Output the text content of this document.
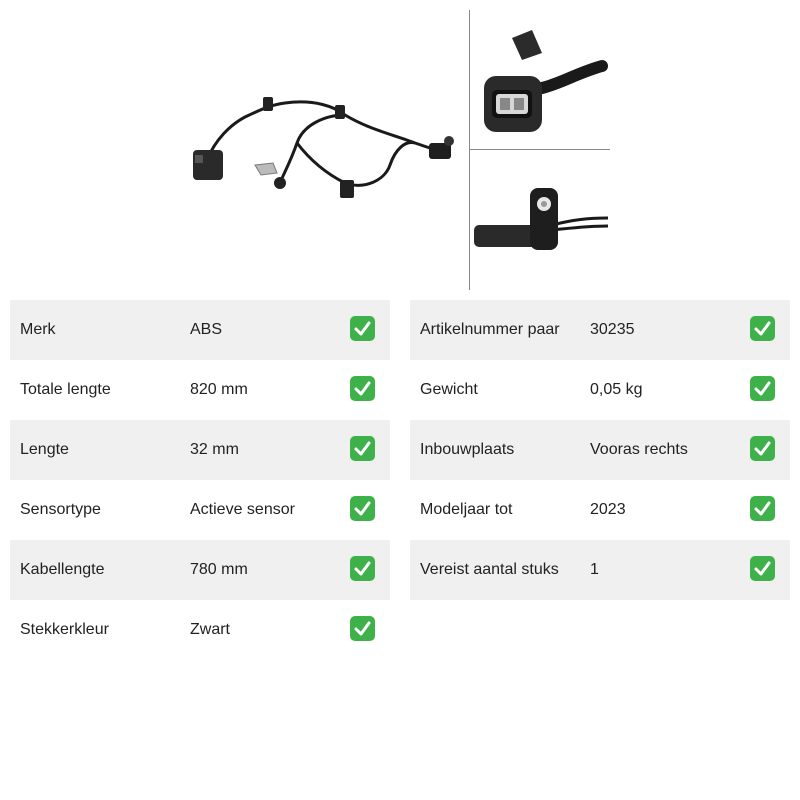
Merk	ABS
Totale lengte	820 mm
Lengte	32 mm
Sensortype	Actieve sensor
Kabellengte	780 mm
Stekkerkleur	Zwart
Artikelnummer paar 30235
Gewicht	0,05 kg
Inbouwplaats	Vooras rechts
Modeljaar tot	2023
Vereist aantal stuks 1
